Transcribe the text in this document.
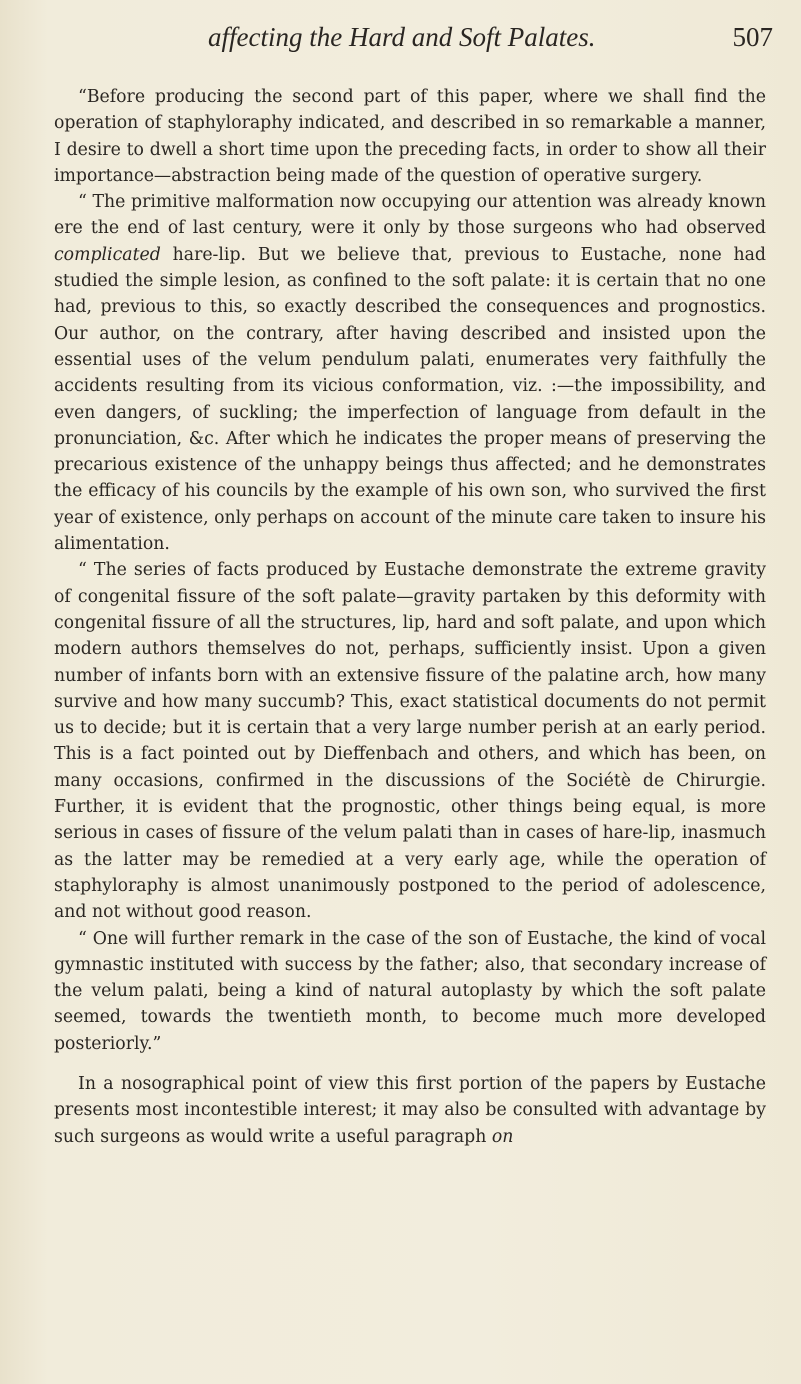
affecting the Hard and Soft Palates.	507

“Before producing the second part of this paper, where we shall find the operation of staphyloraphy indicated, and described in so remarkable a manner, I desire to dwell a short time upon the preceding facts, in order to show all their importance—abstraction being made of the question of operative surgery.

“ The primitive malformation now occupying our attention was already known ere the end of last century, were it only by those surgeons who had observed complicated hare-lip. But we believe that, previous to Eustache, none had studied the simple lesion, as confined to the soft palate: it is certain that no one had, previous to this, so exactly described the consequences and prognostics. Our author, on the contrary, after having described and insisted upon the essential uses of the velum pendulum palati, enumerates very faithfully the accidents resulting from its vicious conformation, viz. :—the impossibility, and even dangers, of suckling; the imperfection of language from default in the pronunciation, &c. After which he indicates the proper means of preserving the precarious existence of the unhappy beings thus affected; and he demonstrates the efficacy of his councils by the example of his own son, who survived the first year of existence, only perhaps on account of the minute care taken to insure his alimentation.

“ The series of facts produced by Eustache demonstrate the extreme gravity of congenital fissure of the soft palate—gravity partaken by this deformity with congenital fissure of all the structures, lip, hard and soft palate, and upon which modern authors themselves do not, perhaps, sufficiently insist. Upon a given number of infants born with an extensive fissure of the palatine arch, how many survive and how many succumb? This, exact statistical documents do not permit us to decide; but it is certain that a very large number perish at an early period. This is a fact pointed out by Dieffenbach and others, and which has been, on many occasions, confirmed in the discussions of the Sociétè de Chirurgie. Further, it is evident that the prognostic, other things being equal, is more serious in cases of fissure of the velum palati than in cases of hare-lip, inasmuch as the latter may be remedied at a very early age, while the operation of staphyloraphy is almost unanimously postponed to the period of adolescence, and not without good reason.

“ One will further remark in the case of the son of Eustache, the kind of vocal gymnastic instituted with success by the father; also, that secondary increase of the velum palati, being a kind of natural autoplasty by which the soft palate seemed, towards the twentieth month, to become much more developed posteriorly.”

In a nosographical point of view this first portion of the papers by Eustache presents most incontestible interest; it may also be consulted with advantage by such surgeons as would write a useful paragraph on
